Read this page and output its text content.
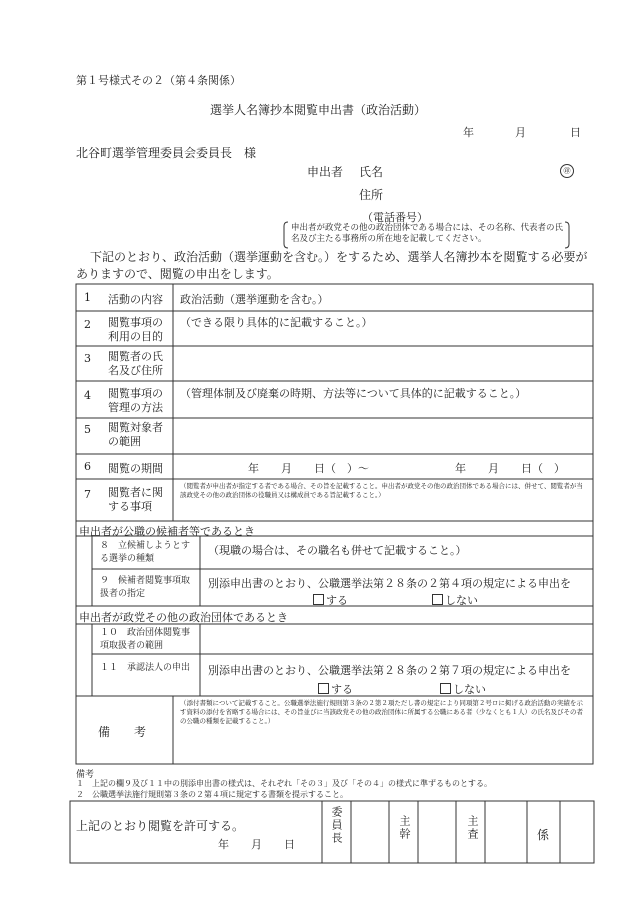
第１号様式その２（第４条関係）
選挙人名簿抄本閲覧申出書（政治活動）
年	月	日
北谷町選挙管理委員会委員長　様
申出者 氏名	㊞
住所
（電話番号）
申出者が政党その他の政治団体である場合には、その名称、代表者の氏名及び主たる事務所の所在地を記載してください。
下記のとおり、政治活動（選挙運動を含む。）をするため、選挙人名簿抄本を閲覧する必要がありますので、閲覧の申出をします。
1 活動の内容 政治活動（選挙運動を含む。）
2 閲覧事項の利用の目的
（できる限り具体的に記載すること。）
3 閲覧者の氏名及び住所
4 閲覧事項の管理の方法
（管理体制及び廃棄の時期、方法等について具体的に記載すること。）
5 閲覧対象者の範囲
6 閲覧の期間	年　　月　　日（　）〜	年　　月　　日（　）
7 閲覧者に関する事項
（閲覧者が申出者が指定する者である場合、その旨を記載すること。申出者が政党その他の政治団体である場合には、併せて、閲覧者が当該政党その他の政治団体の役職員又は構成員である旨記載すること。）
申出者が公職の候補者等であるとき
８　立候補しようとする選挙の種類
（現職の場合は、その職名も併せて記載すること。）
９　候補者閲覧事項取扱者の指定
別添申出書のとおり、公職選挙法第２８条の２第４項の規定による申出を
する	しない
申出者が政党その他の政治団体であるとき
１０　政治団体閲覧事項取扱者の範囲
１１　承認法人の申出	別添申出書のとおり、公職選挙法第２８条の２第７項の規定による申出を
する	しない
備　　考
（添付書類について記載すること。公職選挙法施行規則第３条の２第２項ただし書の規定により同項第２号ロに掲げる政治活動の実績を示す資料の添付を省略する場合には、その旨並びに当該政党その他の政治団体に所属する公職にある者（少なくとも１人）の氏名及びその者の公職の種類を記載すること。）
備考
１　上記の欄９及び１１中の別添申出書の様式は、それぞれ「その３」及び「その４」の様式に準ずるものとする。
２　公職選挙法施行規則第３条の２第４項に規定する書類を提示すること。
上記のとおり閲覧を許可する。
年　　月　　日	委員長	主幹	主査	係
